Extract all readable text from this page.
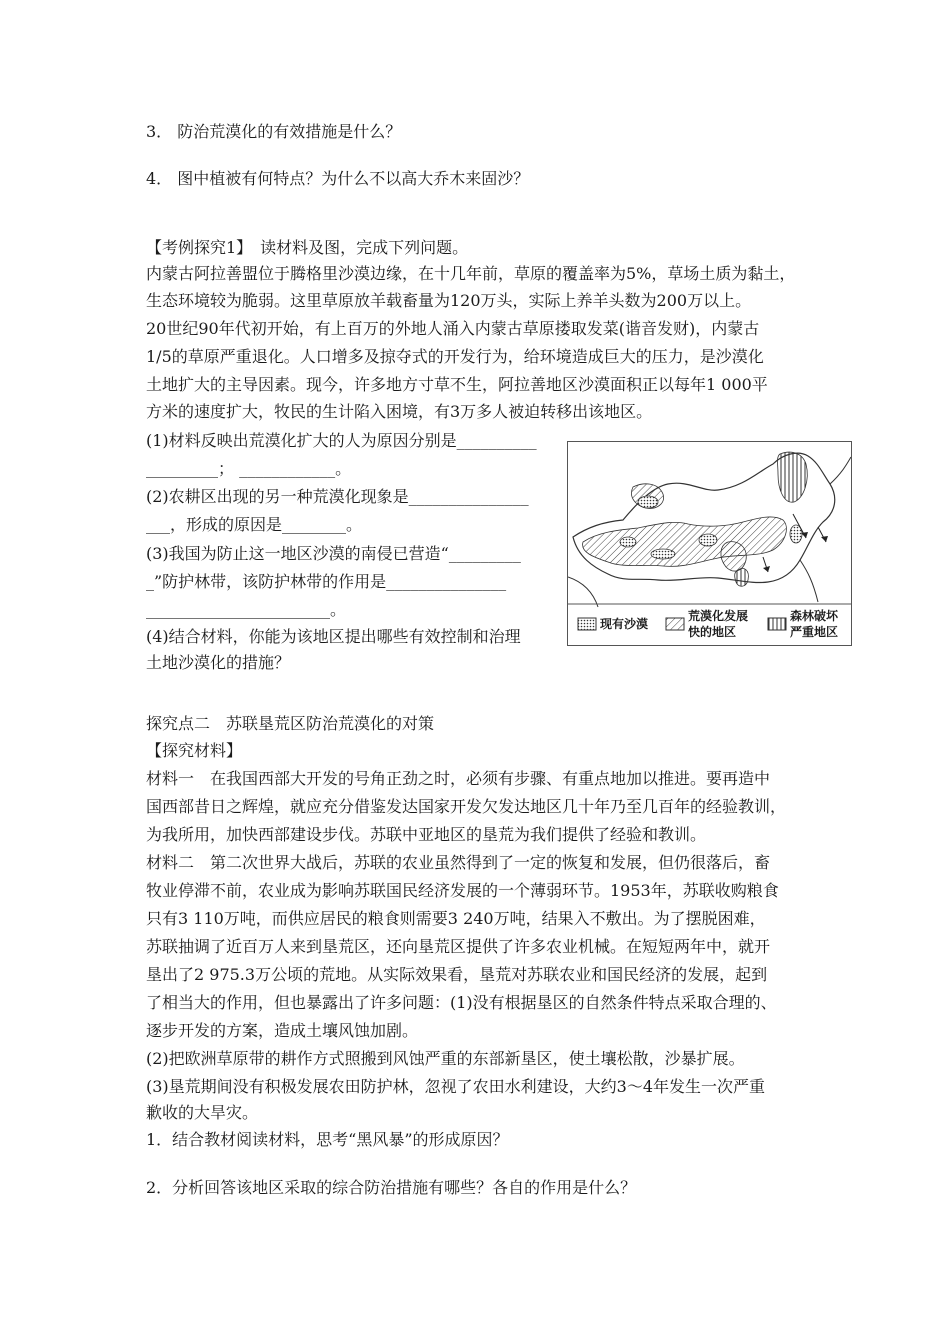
3． 防治荒漠化的有效措施是什么？
4． 图中植被有何特点？为什么不以高大乔木来固沙？
【考例探究1】　读材料及图，完成下列问题。
内蒙古阿拉善盟位于腾格里沙漠边缘，在十几年前，草原的覆盖率为5%，草场土质为黏土，
生态环境较为脆弱。这里草原放羊载畜量为120万头，实际上养羊头数为200万以上。
20世纪90年代初开始，有上百万的外地人涌入内蒙古草原搂取发菜(谐音发财)，内蒙古
1/5的草原严重退化。人口增多及掠夺式的开发行为，给环境造成巨大的压力，是沙漠化
土地扩大的主导因素。现今，许多地方寸草不生，阿拉善地区沙漠面积正以每年1 000平
方米的速度扩大，牧民的生计陷入困境，有3万多人被迫转移出该地区。
(1)材料反映出荒漠化扩大的人为原因分别是__________
_________； ____________。
(2)农耕区出现的另一种荒漠化现象是_______________
___，形成的原因是________。
(3)我国为防止这一地区沙漠的南侵已营造“_________
_”防护林带，该防护林带的作用是_______________
_______________________。
(4)结合材料，你能为该地区提出哪些有效控制和治理
土地沙漠化的措施？
现有沙漠
荒漠化发展
快的地区
森林破坏
严重地区
探究点二　苏联垦荒区防治荒漠化的对策
【探究材料】
材料一　在我国西部大开发的号角正劲之时，必须有步骤、有重点地加以推进。要再造中
国西部昔日之辉煌，就应充分借鉴发达国家开发欠发达地区几十年乃至几百年的经验教训，
为我所用，加快西部建设步伐。苏联中亚地区的垦荒为我们提供了经验和教训。
材料二　第二次世界大战后，苏联的农业虽然得到了一定的恢复和发展，但仍很落后，畜
牧业停滞不前，农业成为影响苏联国民经济发展的一个薄弱环节。1953年，苏联收购粮食
只有3 110万吨，而供应居民的粮食则需要3 240万吨，结果入不敷出。为了摆脱困难，
苏联抽调了近百万人来到垦荒区，还向垦荒区提供了许多农业机械。在短短两年中，就开
垦出了2 975.3万公顷的荒地。从实际效果看，垦荒对苏联农业和国民经济的发展，起到
了相当大的作用，但也暴露出了许多问题：(1)没有根据垦区的自然条件特点采取合理的、
逐步开发的方案，造成土壤风蚀加剧。
(2)把欧洲草原带的耕作方式照搬到风蚀严重的东部新垦区，使土壤松散，沙暴扩展。
(3)垦荒期间没有积极发展农田防护林，忽视了农田水利建设，大约3～4年发生一次严重
歉收的大旱灾。
1．结合教材阅读材料，思考“黑风暴”的形成原因？
2．分析回答该地区采取的综合防治措施有哪些？各自的作用是什么？
